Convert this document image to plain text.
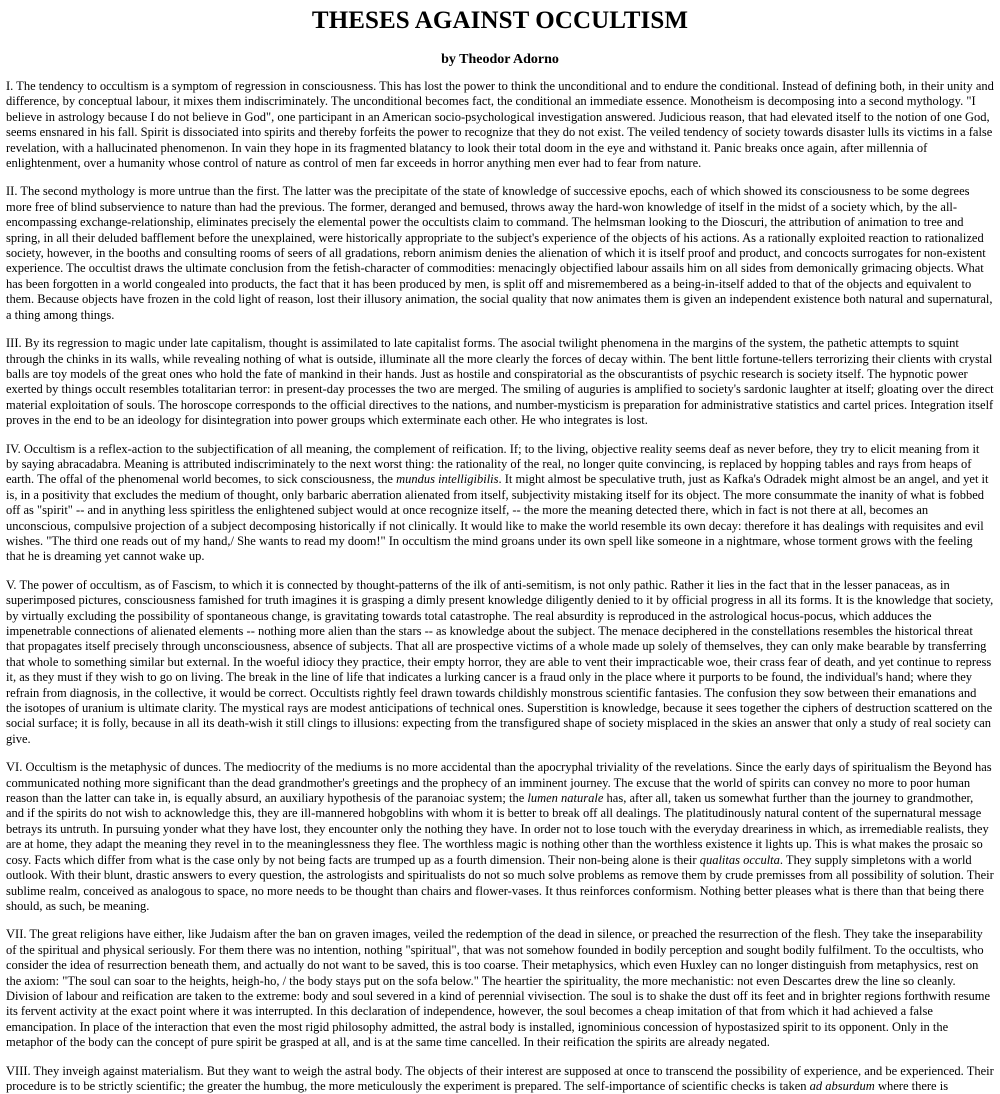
THESES AGAINST OCCULTISM
by Theodor Adorno

I. The tendency to occultism is a symptom of regression in consciousness. This has lost the power to think the unconditional and to endure the conditional. Instead of defining both, in their unity and difference, by conceptual labour, it mixes them indiscriminately. The unconditional becomes fact, the conditional an immediate essence. Monotheism is decomposing into a second mythology. "I believe in astrology because I do not believe in God", one participant in an American socio-psychological investigation answered. Judicious reason, that had elevated itself to the notion of one God, seems ensnared in his fall. Spirit is dissociated into spirits and thereby forfeits the power to recognize that they do not exist. The veiled tendency of society towards disaster lulls its victims in a false revelation, with a hallucinated phenomenon. In vain they hope in its fragmented blatancy to look their total doom in the eye and withstand it. Panic breaks once again, after millennia of enlightenment, over a humanity whose control of nature as control of men far exceeds in horror anything men ever had to fear from nature.

II. The second mythology is more untrue than the first. The latter was the precipitate of the state of knowledge of successive epochs, each of which showed its consciousness to be some degrees more free of blind subservience to nature than had the previous. The former, deranged and bemused, throws away the hard-won knowledge of itself in the midst of a society which, by the all-encompassing exchange-relationship, eliminates precisely the elemental power the occultists claim to command. The helmsman looking to the Dioscuri, the attribution of animation to tree and spring, in all their deluded bafflement before the unexplained, were historically appropriate to the subject's experience of the objects of his actions. As a rationally exploited reaction to rationalized society, however, in the booths and consulting rooms of seers of all gradations, reborn animism denies the alienation of which it is itself proof and product, and concocts surrogates for non-existent experience. The occultist draws the ultimate conclusion from the fetish-character of commodities: menacingly objectified labour assails him on all sides from demonically grimacing objects. What has been forgotten in a world congealed into products, the fact that it has been produced by men, is split off and misremembered as a being-in-itself added to that of the objects and equivalent to them. Because objects have frozen in the cold light of reason, lost their illusory animation, the social quality that now animates them is given an independent existence both natural and supernatural, a thing among things.

III. By its regression to magic under late capitalism, thought is assimilated to late capitalist forms. The asocial twilight phenomena in the margins of the system, the pathetic attempts to squint through the chinks in its walls, while revealing nothing of what is outside, illuminate all the more clearly the forces of decay within. The bent little fortune-tellers terrorizing their clients with crystal balls are toy models of the great ones who hold the fate of mankind in their hands. Just as hostile and conspiratorial as the obscurantists of psychic research is society itself. The hypnotic power exerted by things occult resembles totalitarian terror: in present-day processes the two are merged. The smiling of auguries is amplified to society's sardonic laughter at itself; gloating over the direct material exploitation of souls. The horoscope corresponds to the official directives to the nations, and number-mysticism is preparation for administrative statistics and cartel prices. Integration itself proves in the end to be an ideology for disintegration into power groups which exterminate each other. He who integrates is lost.

IV. Occultism is a reflex-action to the subjectification of all meaning, the complement of reification. If; to the living, objective reality seems deaf as never before, they try to elicit meaning from it by saying abracadabra. Meaning is attributed indiscriminately to the next worst thing: the rationality of the real, no longer quite convincing, is replaced by hopping tables and rays from heaps of earth. The offal of the phenomenal world becomes, to sick consciousness, the mundus intelligibilis. It might almost be speculative truth, just as Kafka's Odradek might almost be an angel, and yet it is, in a positivity that excludes the medium of thought, only barbaric aberration alienated from itself, subjectivity mistaking itself for its object. The more consummate the inanity of what is fobbed off as "spirit" -- and in anything less spiritless the enlightened subject would at once recognize itself, -- the more the meaning detected there, which in fact is not there at all, becomes an unconscious, compulsive projection of a subject decomposing historically if not clinically. It would like to make the world resemble its own decay: therefore it has dealings with requisites and evil wishes. "The third one reads out of my hand,/ She wants to read my doom!" In occultism the mind groans under its own spell like someone in a nightmare, whose torment grows with the feeling that he is dreaming yet cannot wake up.

V. The power of occultism, as of Fascism, to which it is connected by thought-patterns of the ilk of anti-semitism, is not only pathic. Rather it lies in the fact that in the lesser panaceas, as in superimposed pictures, consciousness famished for truth imagines it is grasping a dimly present knowledge diligently denied to it by official progress in all its forms. It is the knowledge that society, by virtually excluding the possibility of spontaneous change, is gravitating towards total catastrophe. The real absurdity is reproduced in the astrological hocus-pocus, which adduces the impenetrable connections of alienated elements -- nothing more alien than the stars -- as knowledge about the subject. The menace deciphered in the constellations resembles the historical threat that propagates itself precisely through unconsciousness, absence of subjects. That all are prospective victims of a whole made up solely of themselves, they can only make bearable by transferring that whole to something similar but external. In the woeful idiocy they practice, their empty horror, they are able to vent their impracticable woe, their crass fear of death, and yet continue to repress it, as they must if they wish to go on living. The break in the line of life that indicates a lurking cancer is a fraud only in the place where it purports to be found, the individual's hand; where they refrain from diagnosis, in the collective, it would be correct. Occultists rightly feel drawn towards childishly monstrous scientific fantasies. The confusion they sow between their emanations and the isotopes of uranium is ultimate clarity. The mystical rays are modest anticipations of technical ones. Superstition is knowledge, because it sees together the ciphers of destruction scattered on the social surface; it is folly, because in all its death-wish it still clings to illusions: expecting from the transfigured shape of society misplaced in the skies an answer that only a study of real society can give.

VI. Occultism is the metaphysic of dunces. The mediocrity of the mediums is no more accidental than the apocryphal triviality of the revelations. Since the early days of spiritualism the Beyond has communicated nothing more significant than the dead grandmother's greetings and the prophecy of an imminent journey. The excuse that the world of spirits can convey no more to poor human reason than the latter can take in, is equally absurd, an auxiliary hypothesis of the paranoiac system; the lumen naturale has, after all, taken us somewhat further than the journey to grandmother, and if the spirits do not wish to acknowledge this, they are ill-mannered hobgoblins with whom it is better to break off all dealings. The platitudinously natural content of the supernatural message betrays its untruth. In pursuing yonder what they have lost, they encounter only the nothing they have. In order not to lose touch with the everyday dreariness in which, as irremediable realists, they are at home, they adapt the meaning they revel in to the meaninglessness they flee. The worthless magic is nothing other than the worthless existence it lights up. This is what makes the prosaic so cosy. Facts which differ from what is the case only by not being facts are trumped up as a fourth dimension. Their non-being alone is their qualitas occulta. They supply simpletons with a world outlook. With their blunt, drastic answers to every question, the astrologists and spiritualists do not so much solve problems as remove them by crude premisses from all possibility of solution. Their sublime realm, conceived as analogous to space, no more needs to be thought than chairs and flower-vases. It thus reinforces conformism. Nothing better pleases what is there than that being there should, as such, be meaning.

VII. The great religions have either, like Judaism after the ban on graven images, veiled the redemption of the dead in silence, or preached the resurrection of the flesh. They take the inseparability of the spiritual and physical seriously. For them there was no intention, nothing "spiritual", that was not somehow founded in bodily perception and sought bodily fulfilment. To the occultists, who consider the idea of resurrection beneath them, and actually do not want to be saved, this is too coarse. Their metaphysics, which even Huxley can no longer distinguish from metaphysics, rest on the axiom: "The soul can soar to the heights, heigh-ho, / the body stays put on the sofa below." The heartier the spirituality, the more mechanistic: not even Descartes drew the line so cleanly. Division of labour and reification are taken to the extreme: body and soul severed in a kind of perennial vivisection. The soul is to shake the dust off its feet and in brighter regions forthwith resume its fervent activity at the exact point where it was interrupted. In this declaration of independence, however, the soul becomes a cheap imitation of that from which it had achieved a false emancipation. In place of the interaction that even the most rigid philosophy admitted, the astral body is installed, ignominious concession of hypostasized spirit to its opponent. Only in the metaphor of the body can the concept of pure spirit be grasped at all, and is at the same time cancelled. In their reification the spirits are already negated.

VIII. They inveigh against materialism. But they want to weigh the astral body. The objects of their interest are supposed at once to transcend the possibility of experience, and be experienced. Their procedure is to be strictly scientific; the greater the humbug, the more meticulously the experiment is prepared. The self-importance of scientific checks is taken ad absurdum where there is
